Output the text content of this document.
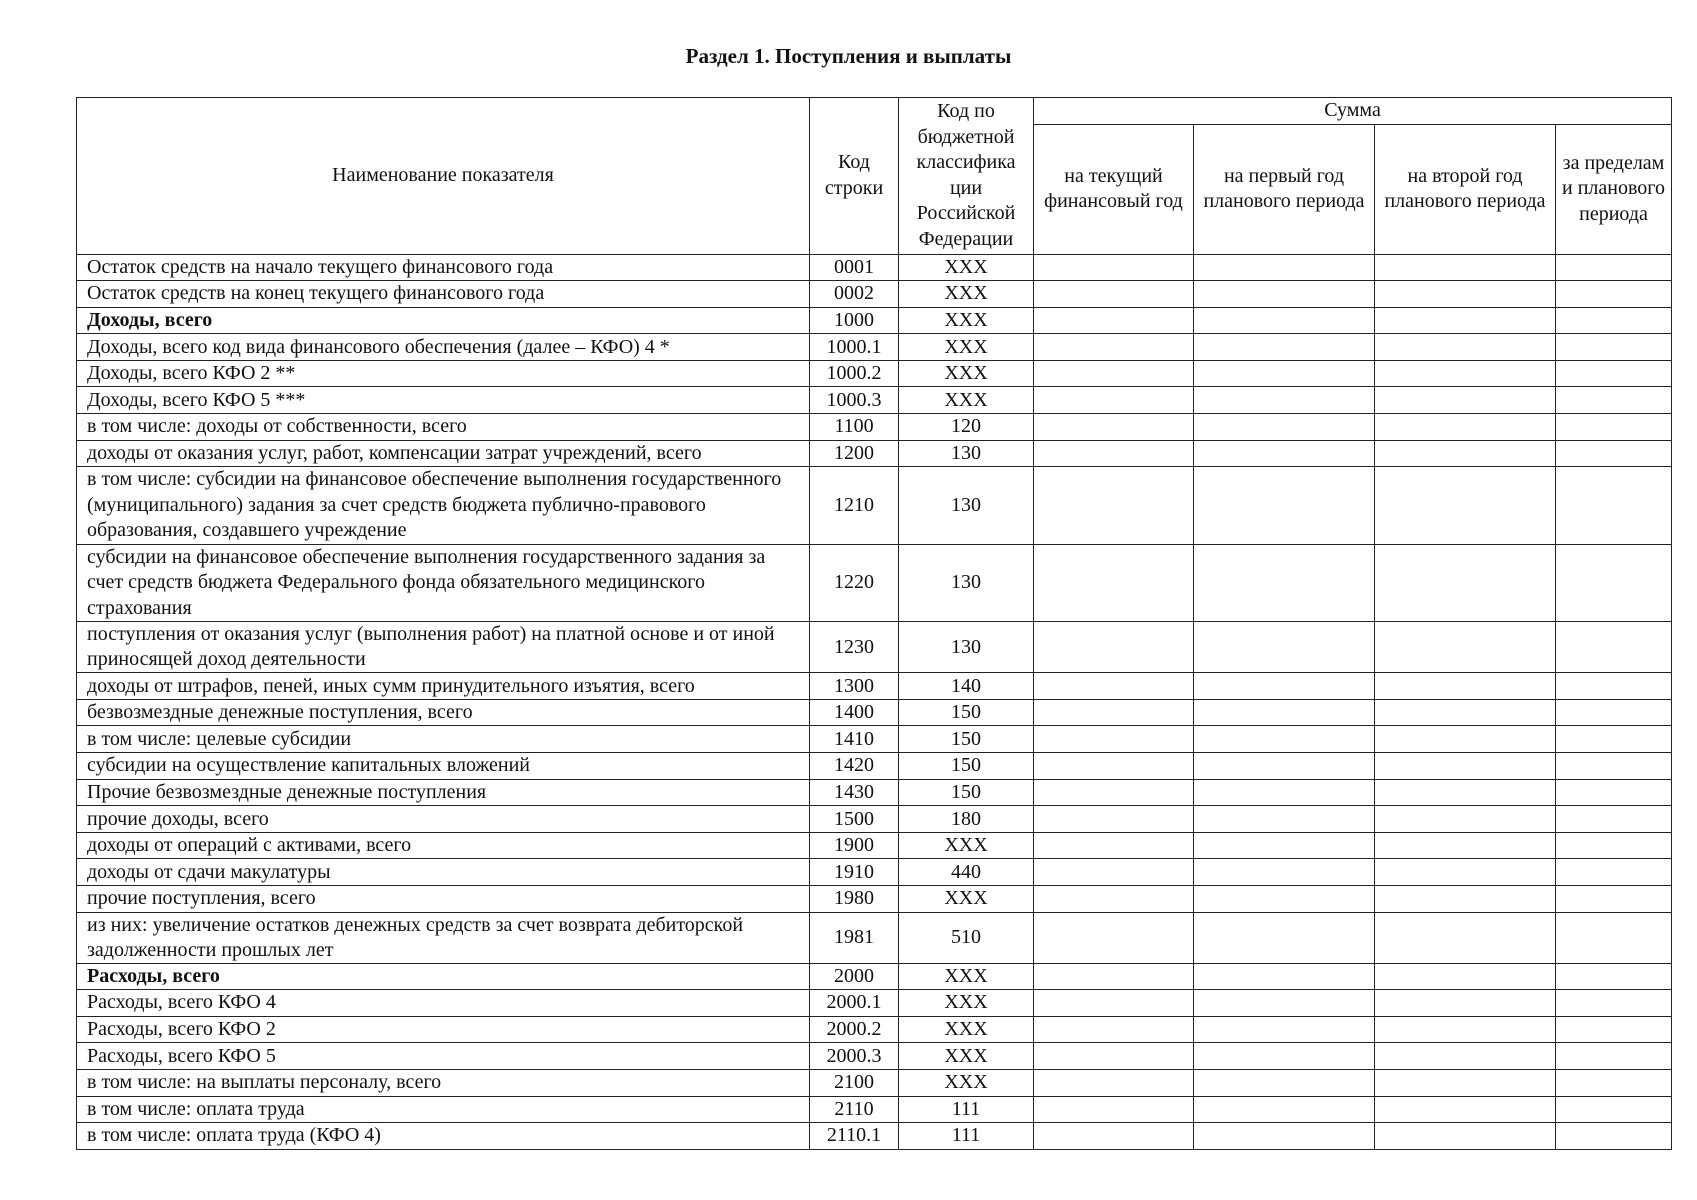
Раздел 1. Поступления и выплаты
Наименование показателя	Код строки	Код по бюджетной классифика ции Российской Федерации	Сумма			
			на текущий финансовый год	на первый год планового периода	на второй год планового периода	за пределам и планового периода
Остаток средств на начало текущего финансового года	0001	ХХХ				
Остаток средств на конец текущего финансового года	0002	ХХХ				
Доходы, всего	1000	ХХХ				
Доходы, всего код вида финансового обеспечения (далее – КФО) 4 *	1000.1	ХХХ				
Доходы, всего КФО 2 **	1000.2	ХХХ				
Доходы, всего КФО 5 ***	1000.3	ХХХ				
в том числе: доходы от собственности, всего	1100	120				
доходы от оказания услуг, работ, компенсации затрат учреждений, всего	1200	130				
в том числе: субсидии на финансовое обеспечение выполнения государственного (муниципального) задания за счет средств бюджета публично-правового образования, создавшего учреждение	1210	130				
субсидии на финансовое обеспечение выполнения государственного задания за счет средств бюджета Федерального фонда обязательного медицинского страхования	1220	130				
поступления от оказания услуг (выполнения работ) на платной основе и от иной приносящей доход деятельности	1230	130				
доходы от штрафов, пеней, иных сумм принудительного изъятия, всего	1300	140				
безвозмездные денежные поступления, всего	1400	150				
в том числе: целевые субсидии	1410	150				
субсидии на осуществление капитальных вложений	1420	150				
Прочие безвозмездные денежные поступления	1430	150				
прочие доходы, всего	1500	180				
доходы от операций с активами, всего	1900	ХХХ				
доходы от сдачи макулатуры	1910	440				
прочие поступления, всего	1980	ХХХ				
из них: увеличение остатков денежных средств за счет возврата дебиторской задолженности прошлых лет	1981	510				
Расходы, всего	2000	ХХХ				
Расходы, всего КФО 4	2000.1	ХХХ				
Расходы, всего КФО 2	2000.2	ХХХ				
Расходы, всего КФО 5	2000.3	ХХХ				
в том числе: на выплаты персоналу, всего	2100	ХХХ				
в том числе: оплата труда	2110	111				
в том числе: оплата труда (КФО 4)	2110.1	111				
